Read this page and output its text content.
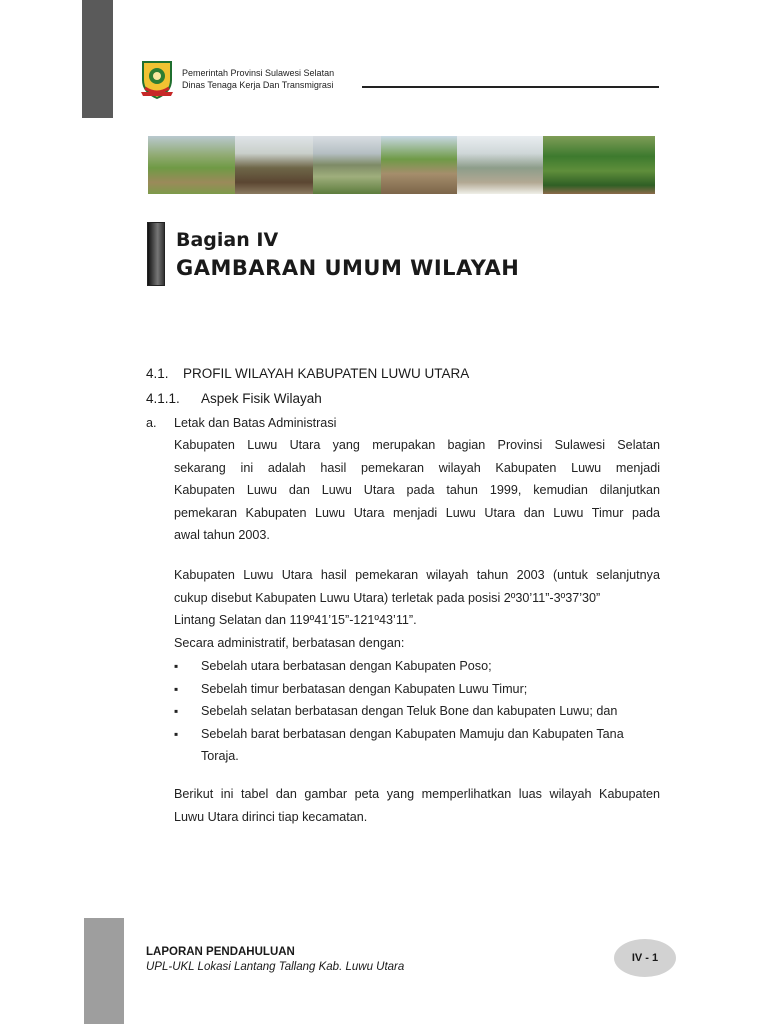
Pemerintah Provinsi Sulawesi Selatan
Dinas Tenaga Kerja Dan Transmigrasi
Bagian IV
GAMBARAN UMUM WILAYAH
4.1. PROFIL WILAYAH KABUPATEN LUWU UTARA
4.1.1. Aspek Fisik Wilayah
a. Letak dan Batas Administrasi
Kabupaten Luwu Utara yang merupakan bagian Provinsi Sulawesi Selatan
sekarang ini adalah hasil pemekaran wilayah Kabupaten Luwu menjadi
Kabupaten Luwu dan Luwu Utara pada tahun 1999, kemudian dilanjutkan
pemekaran Kabupaten Luwu Utara menjadi Luwu Utara dan Luwu Timur pada
awal tahun 2003.
Kabupaten Luwu Utara hasil pemekaran wilayah tahun 2003 (untuk selanjutnya
cukup disebut Kabupaten Luwu Utara) terletak pada posisi 2º30’11”-3º37’30”
Lintang Selatan dan 119º41’15”-121º43’11”.
Secara administratif, berbatasan dengan:
▪ Sebelah utara berbatasan dengan Kabupaten Poso;
▪ Sebelah timur berbatasan dengan Kabupaten Luwu Timur;
▪ Sebelah selatan berbatasan dengan Teluk Bone dan kabupaten Luwu; dan
▪ Sebelah barat berbatasan dengan Kabupaten Mamuju dan Kabupaten Tana Toraja.
Berikut ini tabel dan gambar peta yang memperlihatkan luas wilayah Kabupaten
Luwu Utara dirinci tiap kecamatan.
LAPORAN PENDAHULUAN
UPL-UKL Lokasi Lantang Tallang Kab. Luwu Utara
IV - 1
